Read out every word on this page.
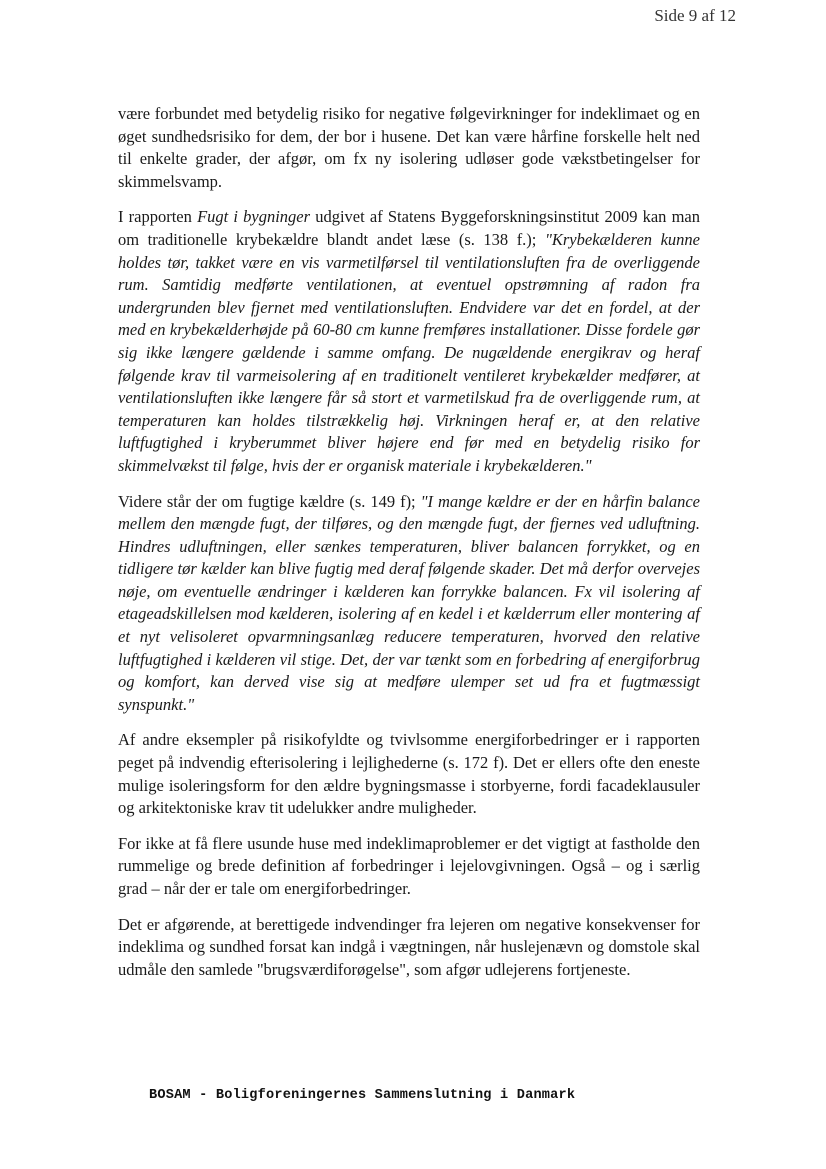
Side 9 af 12

være forbundet med betydelig risiko for negative følgevirkninger for indeklimaet og en øget sundhedsrisiko for dem, der bor i husene. Det kan være hårfine forskelle helt ned til enkelte grader, der afgør, om fx ny isolering udløser gode vækstbetingelser for skimmelsvamp.

I rapporten Fugt i bygninger udgivet af Statens Byggeforskningsinstitut 2009 kan man om traditionelle krybekældre blandt andet læse (s. 138 f.); "Krybekælderen kunne holdes tør, takket være en vis varmetilførsel til ventilationsluften fra de overliggende rum. Samtidig medførte ventilationen, at eventuel opstrømning af radon fra undergrunden blev fjernet med ventilationsluften. Endvidere var det en fordel, at der med en krybekælderhøjde på 60-80 cm kunne fremføres installationer. Disse fordele gør sig ikke længere gældende i samme omfang. De nugældende energikrav og heraf følgende krav til varmeisolering af en traditionelt ventileret krybekælder medfører, at ventilationsluften ikke længere får så stort et varmetilskud fra de overliggende rum, at temperaturen kan holdes tilstrækkelig høj. Virkningen heraf er, at den relative luftfugtighed i kryberummet bliver højere end før med en betydelig risiko for skimmelvækst til følge, hvis der er organisk materiale i krybekælderen."

Videre står der om fugtige kældre (s. 149 f); "I mange kældre er der en hårfin balance mellem den mængde fugt, der tilføres, og den mængde fugt, der fjernes ved udluftning. Hindres udluftningen, eller sænkes temperaturen, bliver balancen forrykket, og en tidligere tør kælder kan blive fugtig med deraf følgende skader. Det må derfor overvejes nøje, om eventuelle ændringer i kælderen kan forrykke balancen. Fx vil isolering af etageadskillelsen mod kælderen, isolering af en kedel i et kælderrum eller montering af et nyt velisoleret opvarmningsanlæg reducere temperaturen, hvorved den relative luftfugtighed i kælderen vil stige. Det, der var tænkt som en forbedring af energiforbrug og komfort, kan derved vise sig at medføre ulemper set ud fra et fugtmæssigt synspunkt."

Af andre eksempler på risikofyldte og tvivlsomme energiforbedringer er i rapporten peget på indvendig efterisolering i lejlighederne (s. 172 f). Det er ellers ofte den eneste mulige isoleringsform for den ældre bygningsmasse i storbyerne, fordi facadeklausuler og arkitektoniske krav tit udelukker andre muligheder.

For ikke at få flere usunde huse med indeklimaproblemer er det vigtigt at fastholde den rummelige og brede definition af forbedringer i lejelovgivningen. Også – og i særlig grad – når der er tale om energiforbedringer.

Det er afgørende, at berettigede indvendinger fra lejeren om negative konsekvenser for indeklima og sundhed forsat kan indgå i vægtningen, når huslejenævn og domstole skal udmåle den samlede "brugsværdiforøgelse", som afgør udlejerens fortjeneste.

BOSAM - Boligforeningernes Sammenslutning i Danmark
